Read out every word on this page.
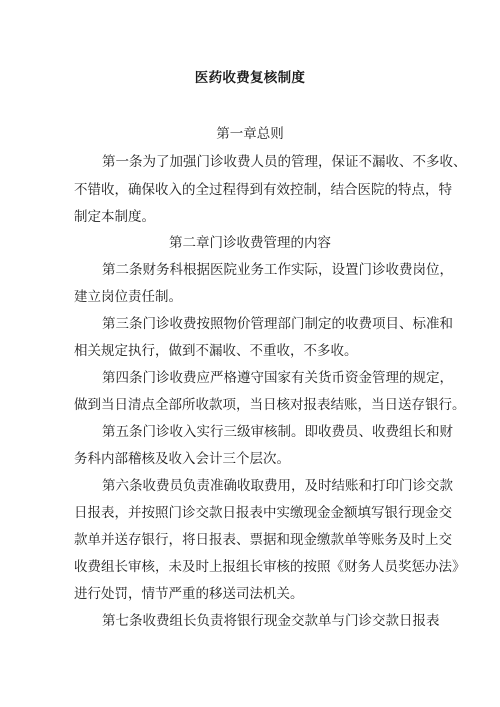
医药收费复核制度
第一章总则
第一条为了加强门诊收费人员的管理，保证不漏收、不多收、
不错收，确保收入的全过程得到有效控制，结合医院的特点，特
制定本制度。
第二章门诊收费管理的内容
第二条财务科根据医院业务工作实际，设置门诊收费岗位，
建立岗位责任制。
第三条门诊收费按照物价管理部门制定的收费项目、标准和
相关规定执行，做到不漏收、不重收，不多收。
第四条门诊收费应严格遵守国家有关货币资金管理的规定，
做到当日清点全部所收款项，当日核对报表结账，当日送存银行。
第五条门诊收入实行三级审核制。即收费员、收费组长和财
务科内部稽核及收入会计三个层次。
第六条收费员负责准确收取费用，及时结账和打印门诊交款
日报表，并按照门诊交款日报表中实缴现金金额填写银行现金交
款单并送存银行，将日报表、票据和现金缴款单等账务及时上交
收费组长审核，未及时上报组长审核的按照《财务人员奖惩办法》
进行处罚，情节严重的移送司法机关。
第七条收费组长负责将银行现金交款单与门诊交款日报表
